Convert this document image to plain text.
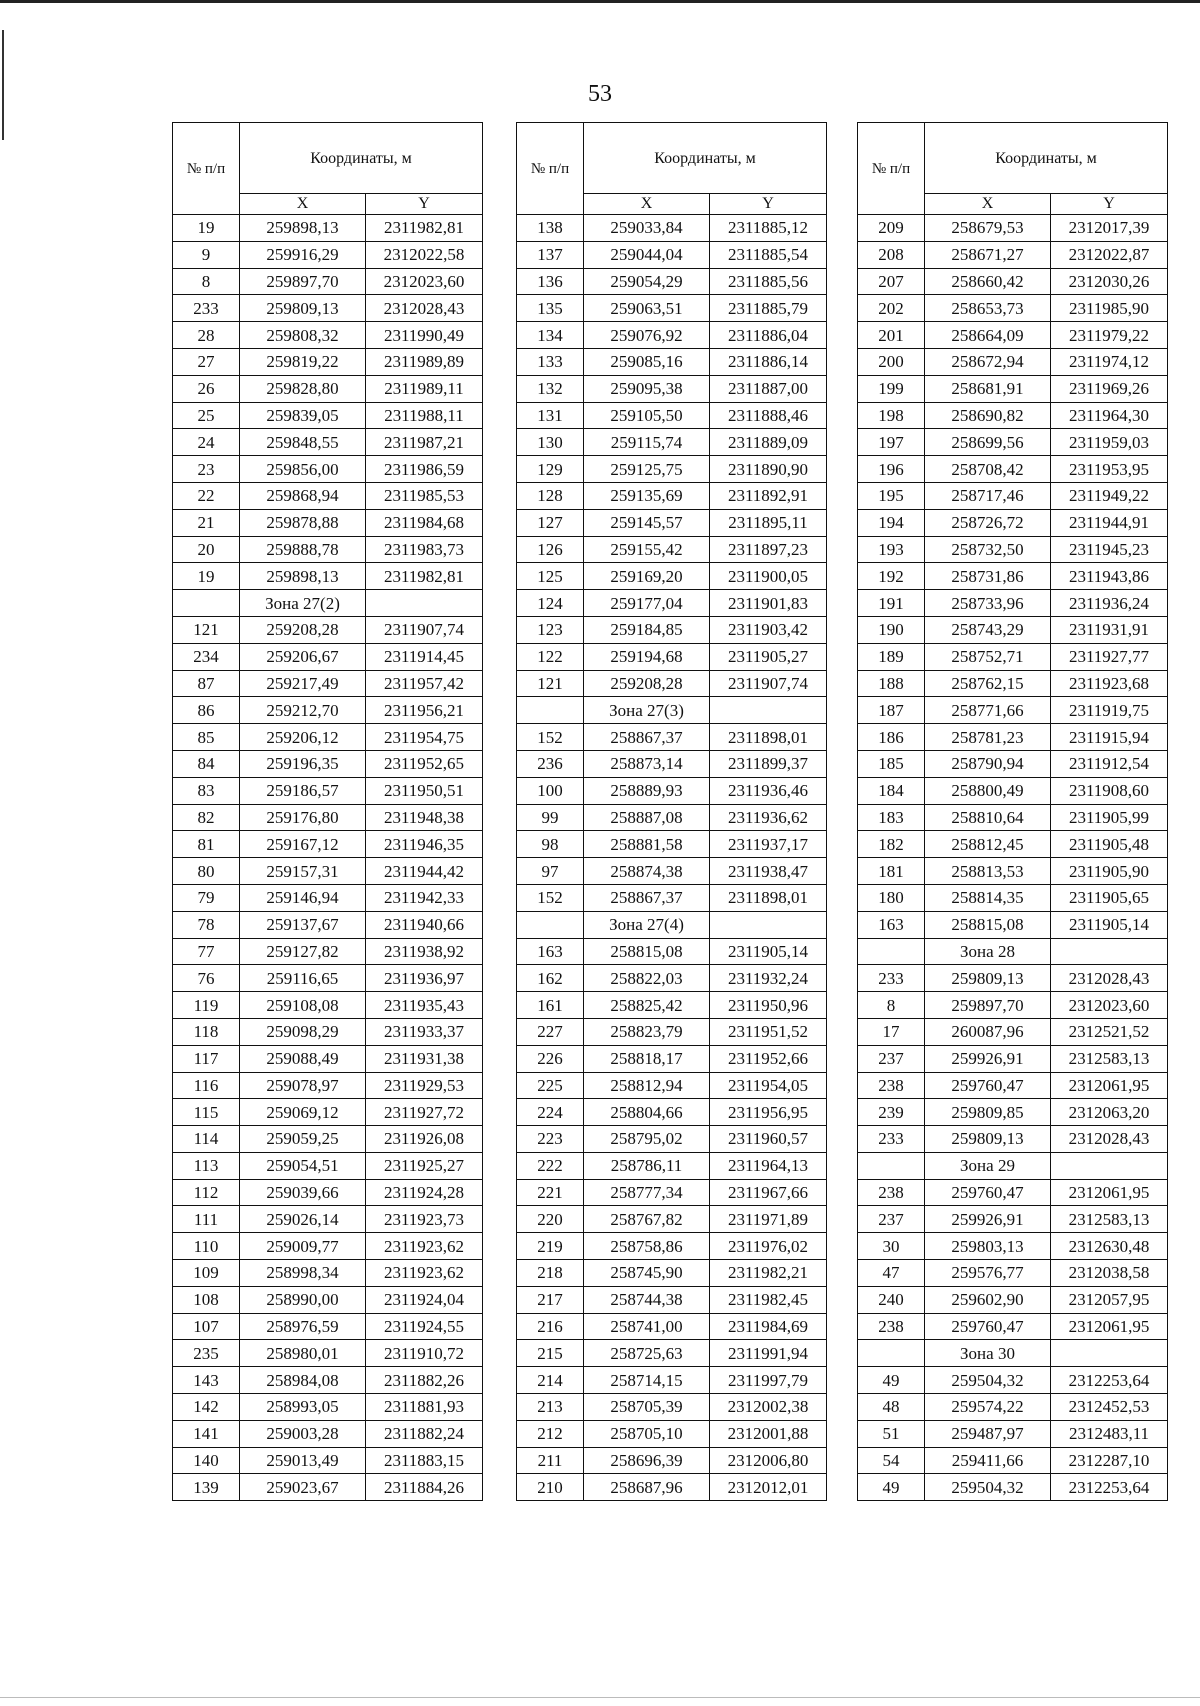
53
№ п/п	Координаты, м	
	X	Y
19	259898,13	2311982,81
9	259916,29	2312022,58
8	259897,70	2312023,60
233	259809,13	2312028,43
28	259808,32	2311990,49
27	259819,22	2311989,89
26	259828,80	2311989,11
25	259839,05	2311988,11
24	259848,55	2311987,21
23	259856,00	2311986,59
22	259868,94	2311985,53
21	259878,88	2311984,68
20	259888,78	2311983,73
19	259898,13	2311982,81
	Зона 27(2)	
121	259208,28	2311907,74
234	259206,67	2311914,45
87	259217,49	2311957,42
86	259212,70	2311956,21
85	259206,12	2311954,75
84	259196,35	2311952,65
83	259186,57	2311950,51
82	259176,80	2311948,38
81	259167,12	2311946,35
80	259157,31	2311944,42
79	259146,94	2311942,33
78	259137,67	2311940,66
77	259127,82	2311938,92
76	259116,65	2311936,97
119	259108,08	2311935,43
118	259098,29	2311933,37
117	259088,49	2311931,38
116	259078,97	2311929,53
115	259069,12	2311927,72
114	259059,25	2311926,08
113	259054,51	2311925,27
112	259039,66	2311924,28
111	259026,14	2311923,73
110	259009,77	2311923,62
109	258998,34	2311923,62
108	258990,00	2311924,04
107	258976,59	2311924,55
235	258980,01	2311910,72
143	258984,08	2311882,26
142	258993,05	2311881,93
141	259003,28	2311882,24
140	259013,49	2311883,15
139	259023,67	2311884,26
№ п/п	Координаты, м	
	X	Y
138	259033,84	2311885,12
137	259044,04	2311885,54
136	259054,29	2311885,56
135	259063,51	2311885,79
134	259076,92	2311886,04
133	259085,16	2311886,14
132	259095,38	2311887,00
131	259105,50	2311888,46
130	259115,74	2311889,09
129	259125,75	2311890,90
128	259135,69	2311892,91
127	259145,57	2311895,11
126	259155,42	2311897,23
125	259169,20	2311900,05
124	259177,04	2311901,83
123	259184,85	2311903,42
122	259194,68	2311905,27
121	259208,28	2311907,74
	Зона 27(3)	
152	258867,37	2311898,01
236	258873,14	2311899,37
100	258889,93	2311936,46
99	258887,08	2311936,62
98	258881,58	2311937,17
97	258874,38	2311938,47
152	258867,37	2311898,01
	Зона 27(4)	
163	258815,08	2311905,14
162	258822,03	2311932,24
161	258825,42	2311950,96
227	258823,79	2311951,52
226	258818,17	2311952,66
225	258812,94	2311954,05
224	258804,66	2311956,95
223	258795,02	2311960,57
222	258786,11	2311964,13
221	258777,34	2311967,66
220	258767,82	2311971,89
219	258758,86	2311976,02
218	258745,90	2311982,21
217	258744,38	2311982,45
216	258741,00	2311984,69
215	258725,63	2311991,94
214	258714,15	2311997,79
213	258705,39	2312002,38
212	258705,10	2312001,88
211	258696,39	2312006,80
210	258687,96	2312012,01
№ п/п	Координаты, м	
	X	Y
209	258679,53	2312017,39
208	258671,27	2312022,87
207	258660,42	2312030,26
202	258653,73	2311985,90
201	258664,09	2311979,22
200	258672,94	2311974,12
199	258681,91	2311969,26
198	258690,82	2311964,30
197	258699,56	2311959,03
196	258708,42	2311953,95
195	258717,46	2311949,22
194	258726,72	2311944,91
193	258732,50	2311945,23
192	258731,86	2311943,86
191	258733,96	2311936,24
190	258743,29	2311931,91
189	258752,71	2311927,77
188	258762,15	2311923,68
187	258771,66	2311919,75
186	258781,23	2311915,94
185	258790,94	2311912,54
184	258800,49	2311908,60
183	258810,64	2311905,99
182	258812,45	2311905,48
181	258813,53	2311905,90
180	258814,35	2311905,65
163	258815,08	2311905,14
	Зона 28	
233	259809,13	2312028,43
8	259897,70	2312023,60
17	260087,96	2312521,52
237	259926,91	2312583,13
238	259760,47	2312061,95
239	259809,85	2312063,20
233	259809,13	2312028,43
	Зона 29	
238	259760,47	2312061,95
237	259926,91	2312583,13
30	259803,13	2312630,48
47	259576,77	2312038,58
240	259602,90	2312057,95
238	259760,47	2312061,95
	Зона 30	
49	259504,32	2312253,64
48	259574,22	2312452,53
51	259487,97	2312483,11
54	259411,66	2312287,10
49	259504,32	2312253,64
